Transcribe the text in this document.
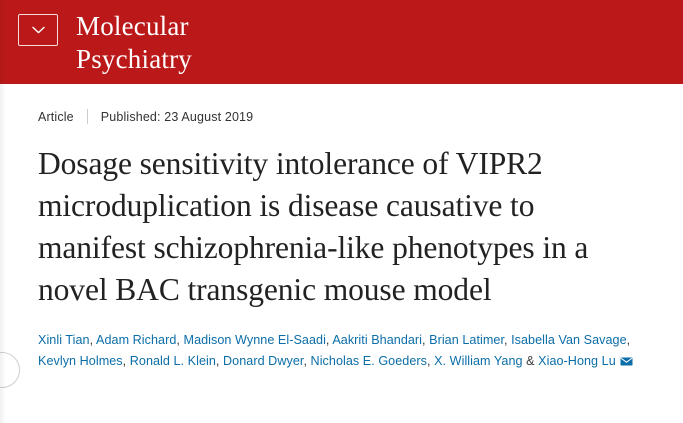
Molecular
Psychiatry
Article Published: 23 August 2019
Dosage sensitivity intolerance of VIPR2 microduplication is disease causative to manifest schizophrenia-like phenotypes in a novel BAC transgenic mouse model
Xinli Tian, Adam Richard, Madison Wynne El-Saadi, Aakriti Bhandari, Brian Latimer, Isabella Van Savage, Kevlyn Holmes, Ronald L. Klein, Donard Dwyer, Nicholas E. Goeders, X. William Yang & Xiao-Hong Lu
